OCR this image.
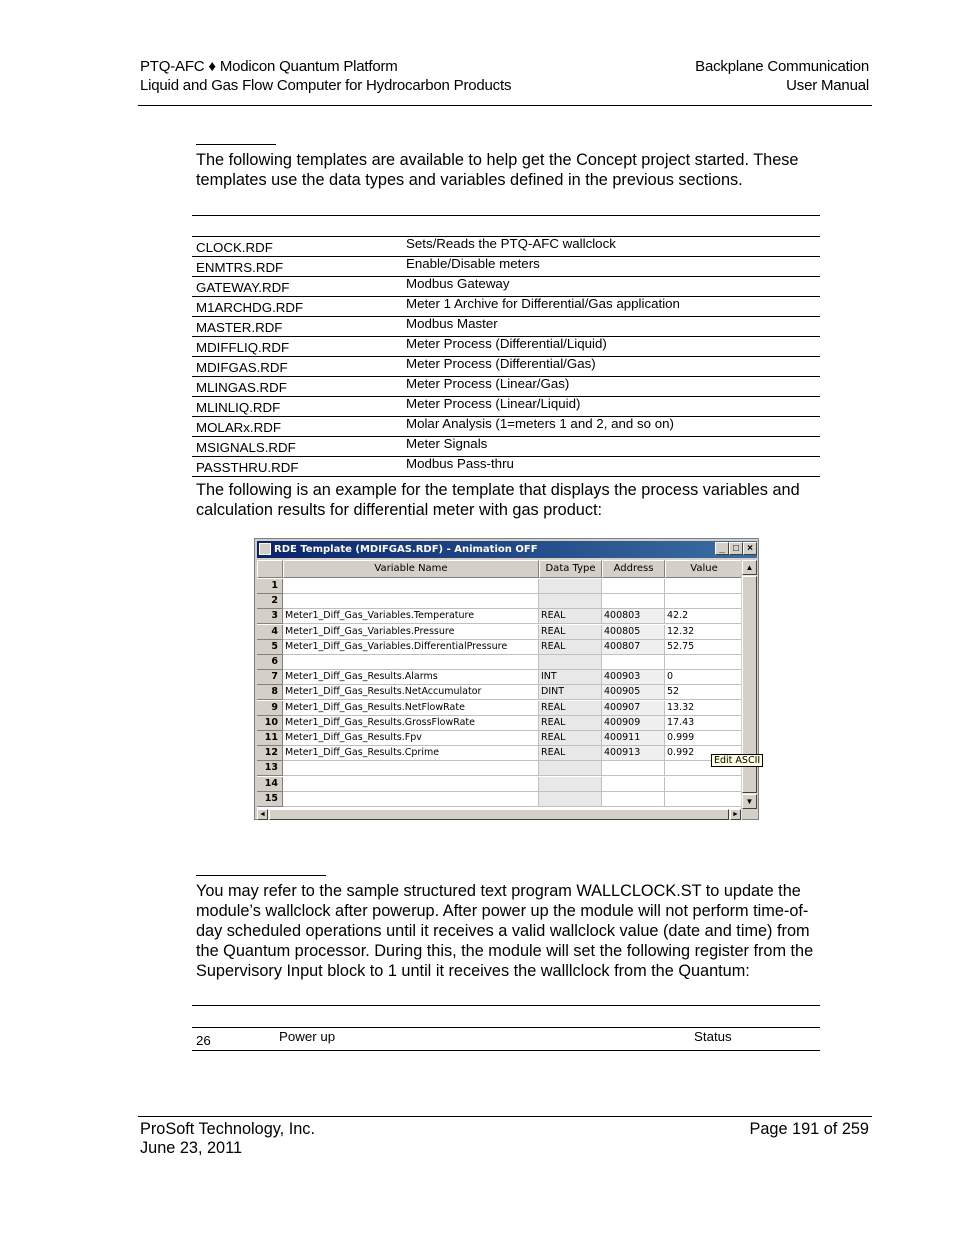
PTQ-AFC ♦ Modicon Quantum Platform
Liquid and Gas Flow Computer for Hydrocarbon Products
Backplane Communication
User Manual
The following templates are available to help get the Concept project started. These templates use the data types and variables defined in the previous sections.
CLOCK.RDF	Sets/Reads the PTQ-AFC wallclock
ENMTRS.RDF	Enable/Disable meters
GATEWAY.RDF	Modbus Gateway
M1ARCHDG.RDF	Meter 1 Archive for Differential/Gas application
MASTER.RDF	Modbus Master
MDIFFLIQ.RDF	Meter Process (Differential/Liquid)
MDIFGAS.RDF	Meter Process (Differential/Gas)
MLINGAS.RDF	Meter Process (Linear/Gas)
MLINLIQ.RDF	Meter Process (Linear/Liquid)
MOLARx.RDF	Molar Analysis (1=meters 1 and 2, and so on)
MSIGNALS.RDF	Meter Signals
PASSTHRU.RDF	Modbus Pass-thru
The following is an example for the template that displays the process variables and calculation results for differential meter with gas product:
RDE Template (MDIFGAS.RDF) - Animation OFF	_ □ ×
Variable Name	Data Type	Address	Value
1
2
3 Meter1_Diff_Gas_Variables.Temperature	REAL	400803	42.2
4 Meter1_Diff_Gas_Variables.Pressure	REAL	400805	12.32
5 Meter1_Diff_Gas_Variables.DifferentialPressure	REAL	400807	52.75
6
7 Meter1_Diff_Gas_Results.Alarms	INT	400903	0
8 Meter1_Diff_Gas_Results.NetAccumulator	DINT	400905	52
9 Meter1_Diff_Gas_Results.NetFlowRate	REAL	400907	13.32
10 Meter1_Diff_Gas_Results.GrossFlowRate	REAL	400909	17.43
11 Meter1_Diff_Gas_Results.Fpv	REAL	400911	0.999
12 Meter1_Diff_Gas_Results.Cprime	REAL	400913	0.992
13
14
15
▲
▼
◄	►
Edit ASCII
You may refer to the sample structured text program WALLCLOCK.ST to update the module’s wallclock after powerup. After power up the module will not perform time-of-day scheduled operations until it receives a valid wallclock value (date and time) from the Quantum processor. During this, the module will set the following register from the Supervisory Input block to 1 until it receives the walllclock from the Quantum:
26	Power up	Status
ProSoft Technology, Inc.
June 23, 2011
Page 191 of 259
